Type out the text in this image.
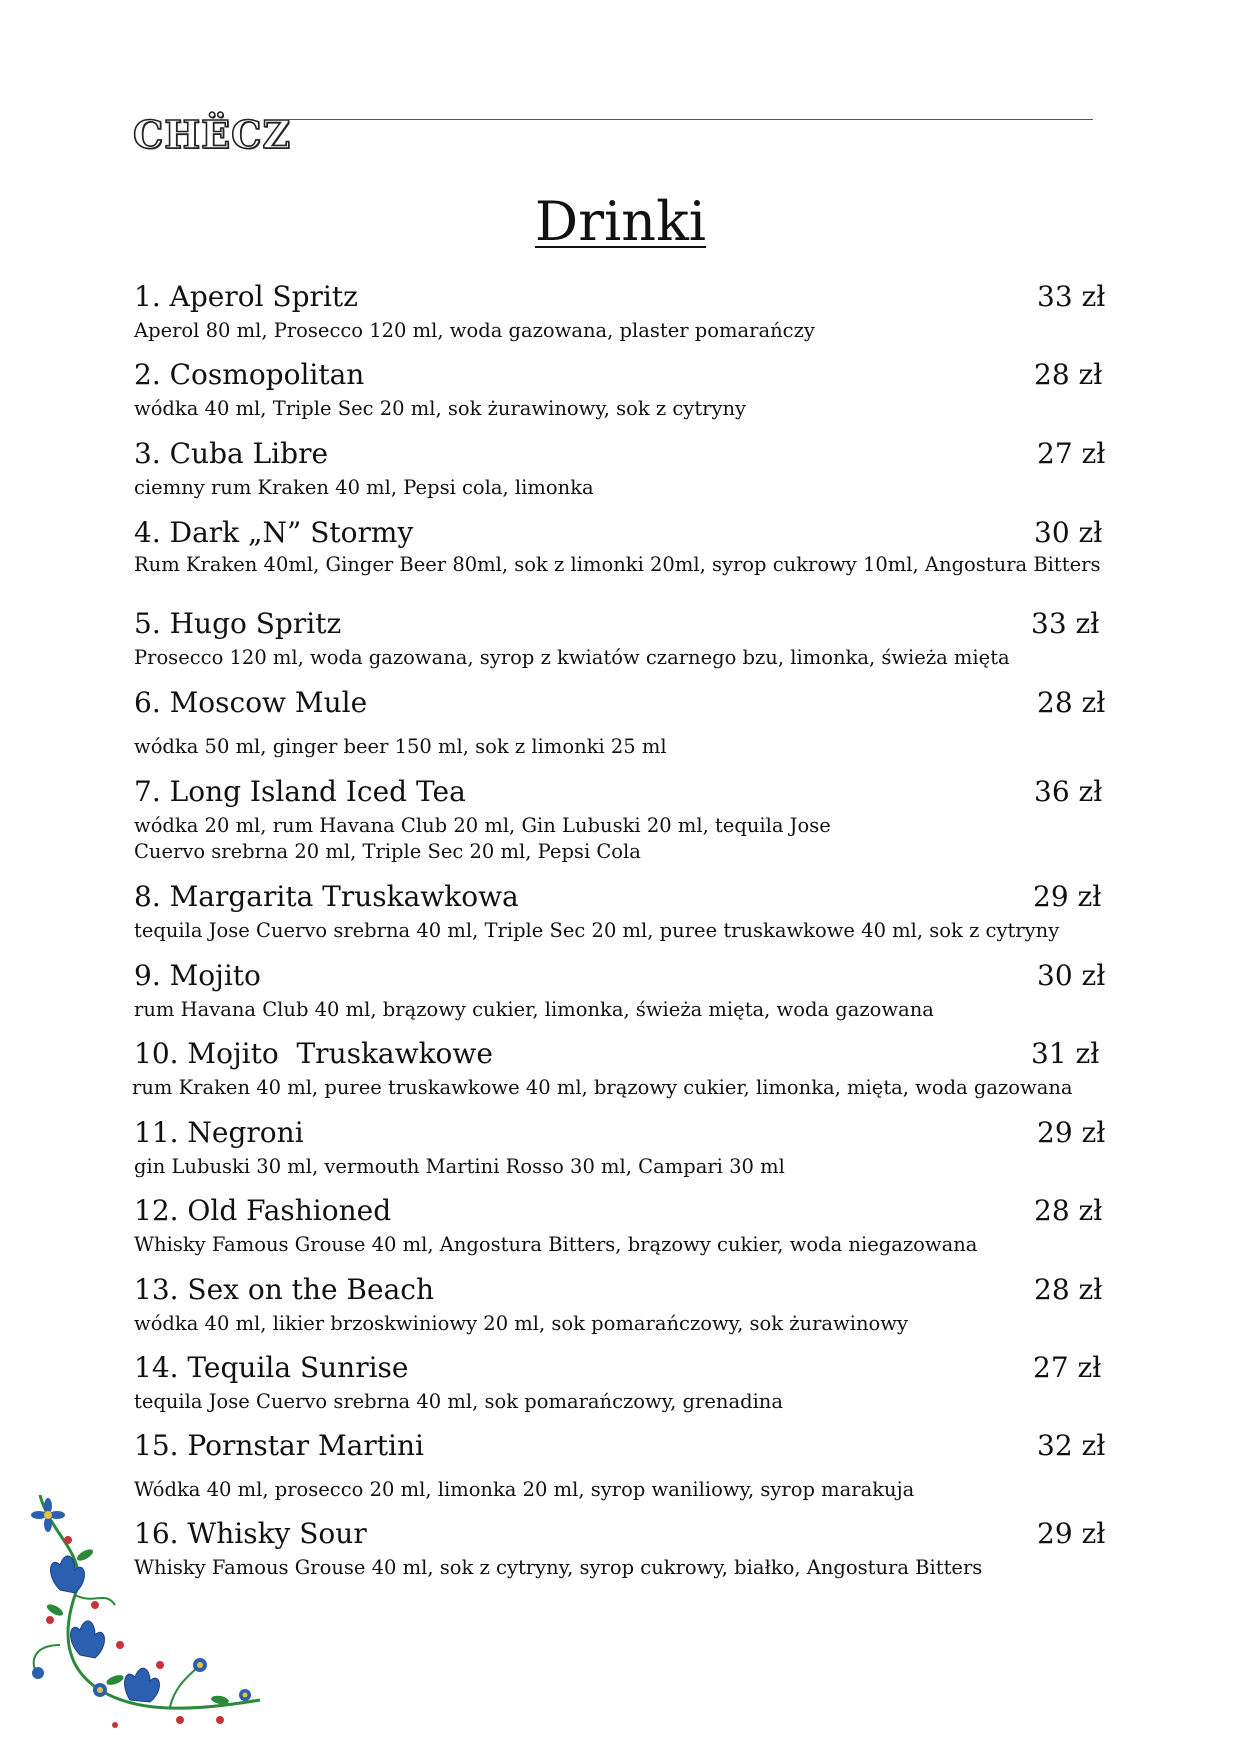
CHËCZ
Drinki
1. Aperol Spritz	33 zł
Aperol 80 ml, Prosecco 120 ml, woda gazowana, plaster pomarańczy
2. Cosmopolitan	28 zł
wódka 40 ml, Triple Sec 20 ml, sok żurawinowy, sok z cytryny
3. Cuba Libre	27 zł
ciemny rum Kraken 40 ml, Pepsi cola, limonka
4. Dark „N” Stormy	30 zł
Rum Kraken 40ml, Ginger Beer 80ml, sok z limonki 20ml, syrop cukrowy 10ml, Angostura Bitters
5. Hugo Spritz	33 zł
Prosecco 120 ml, woda gazowana, syrop z kwiatów czarnego bzu, limonka, świeża mięta
6. Moscow Mule	28 zł
wódka 50 ml, ginger beer 150 ml, sok z limonki 25 ml
7. Long Island Iced Tea	36 zł
wódka 20 ml, rum Havana Club 20 ml, Gin Lubuski 20 ml, tequila Jose
Cuervo srebrna 20 ml, Triple Sec 20 ml, Pepsi Cola
8. Margarita Truskawkowa	29 zł
tequila Jose Cuervo srebrna 40 ml, Triple Sec 20 ml, puree truskawkowe 40 ml, sok z cytryny
9. Mojito	30 zł
rum Havana Club 40 ml, brązowy cukier, limonka, świeża mięta, woda gazowana
10. Mojito  Truskawkowe	31 zł
rum Kraken 40 ml, puree truskawkowe 40 ml, brązowy cukier, limonka, mięta, woda gazowana
11. Negroni	29 zł
gin Lubuski 30 ml, vermouth Martini Rosso 30 ml, Campari 30 ml
12. Old Fashioned	28 zł
Whisky Famous Grouse 40 ml, Angostura Bitters, brązowy cukier, woda niegazowana
13. Sex on the Beach	28 zł
wódka 40 ml, likier brzoskwiniowy 20 ml, sok pomarańczowy, sok żurawinowy
14. Tequila Sunrise	27 zł
tequila Jose Cuervo srebrna 40 ml, sok pomarańczowy, grenadina
15. Pornstar Martini	32 zł
Wódka 40 ml, prosecco 20 ml, limonka 20 ml, syrop waniliowy, syrop marakuja
16. Whisky Sour	29 zł
Whisky Famous Grouse 40 ml, sok z cytryny, syrop cukrowy, białko, Angostura Bitters
